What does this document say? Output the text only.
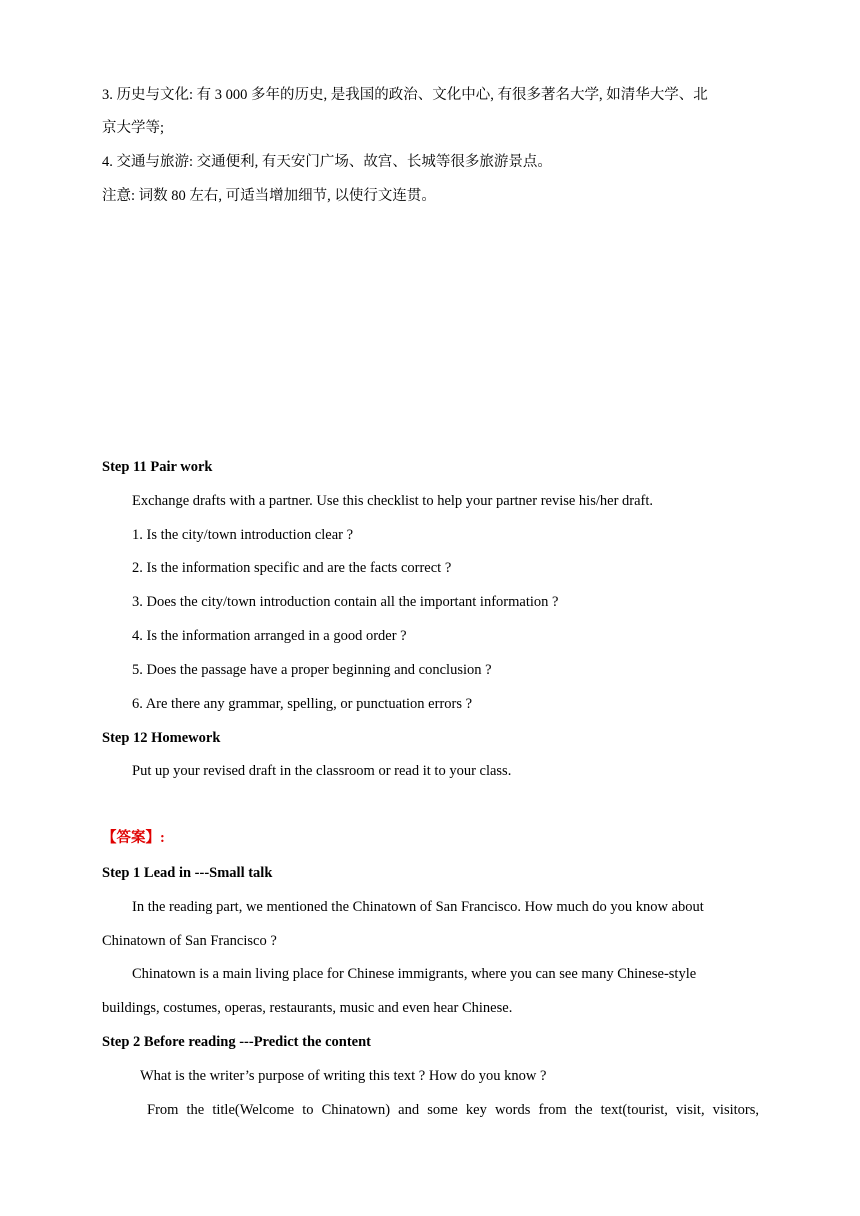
3. 历史与文化: 有 3 000 多年的历史, 是我国的政治、文化中心, 有很多著名大学, 如清华大学、北
京大学等;
4. 交通与旅游: 交通便利, 有天安门广场、故宫、长城等很多旅游景点。
注意: 词数 80 左右, 可适当增加细节, 以使行文连贯。
Step 11 Pair work
Exchange drafts with a partner. Use this checklist to help your partner revise his/her draft.
1. Is the city/town introduction clear ?
2. Is the information specific and are the facts correct ?
3. Does the city/town introduction contain all the important information ?
4. Is the information arranged in a good order ?
5. Does the passage have a proper beginning and conclusion ?
6. Are there any grammar, spelling, or punctuation errors ?
Step 12 Homework
Put up your revised draft in the classroom or read it to your class.
【答案】:
Step 1 Lead in ---Small talk
In the reading part, we mentioned the Chinatown of San Francisco. How much do you know about
Chinatown of San Francisco ?
Chinatown is a main living place for Chinese immigrants, where you can see many Chinese-style
buildings, costumes, operas, restaurants, music and even hear Chinese.
Step 2 Before reading ---Predict the content
What is the writer’s purpose of writing this text ? How do you know ?
From the title(Welcome to Chinatown) and some key words from the text(tourist, visit, visitors,
